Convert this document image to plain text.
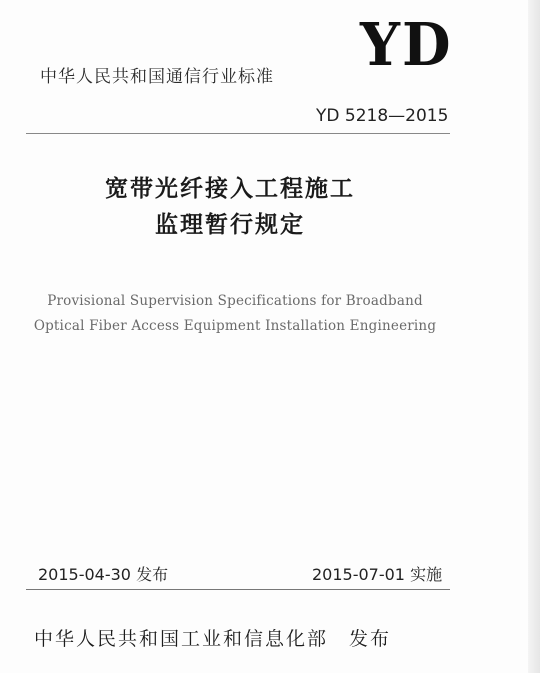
中华人民共和国通信行业标准 YD
YD 5218—2015
宽带光纤接入工程施工
监理暂行规定
Provisional Supervision Specifications for Broadband
Optical Fiber Access Equipment Installation Engineering
2015-04-30 发布	2015-07-01 实施
中华人民共和国工业和信息化部　发布
